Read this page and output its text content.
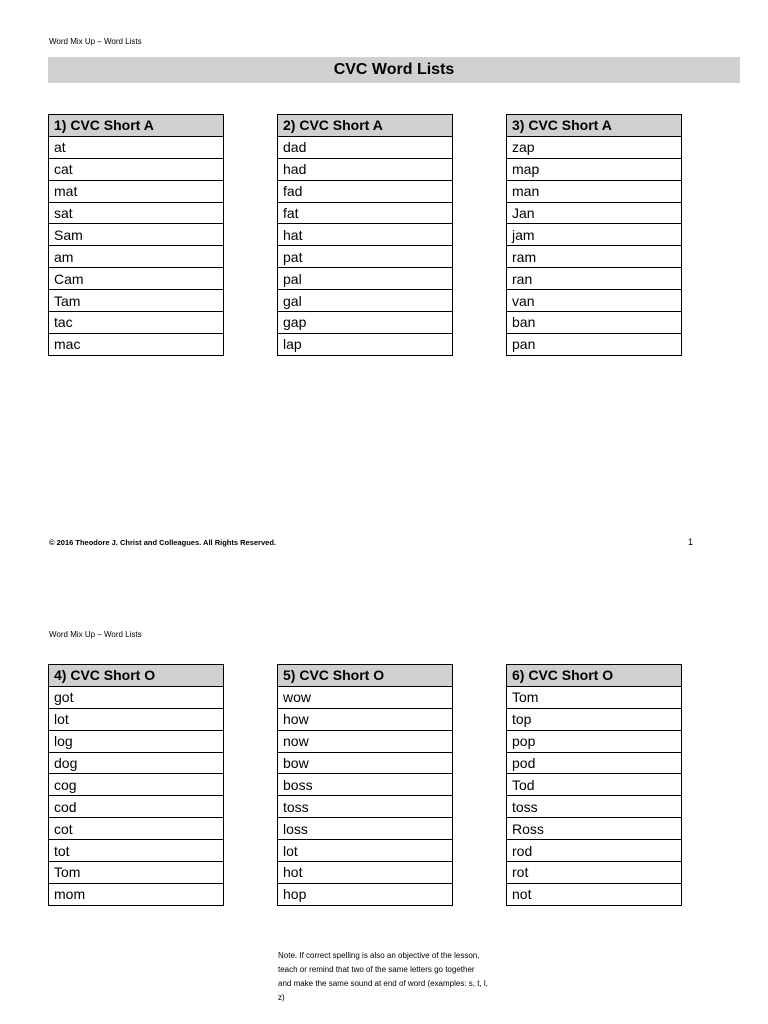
Word Mix Up – Word Lists
CVC Word Lists
1) CVC Short A
at
cat
mat
sat
Sam
am
Cam
Tam
tac
mac
2) CVC Short A
dad
had
fad
fat
hat
pat
pal
gal
gap
lap
3) CVC Short A
zap
map
man
Jan
jam
ram
ran
van
ban
pan
© 2016 Theodore J. Christ and Colleagues. All Rights Reserved.	1
Word Mix Up – Word Lists
4) CVC Short O
got
lot
log
dog
cog
cod
cot
tot
Tom
mom
5) CVC Short O
wow
how
now
bow
boss
toss
loss
lot
hot
hop
6) CVC Short O
Tom
top
pop
pod
Tod
toss
Ross
rod
rot
not
Note. If correct spelling is also an objective of the lesson, teach or remind that two of the same letters go together and make the same sound at end of word (examples: s, t, l, z)
